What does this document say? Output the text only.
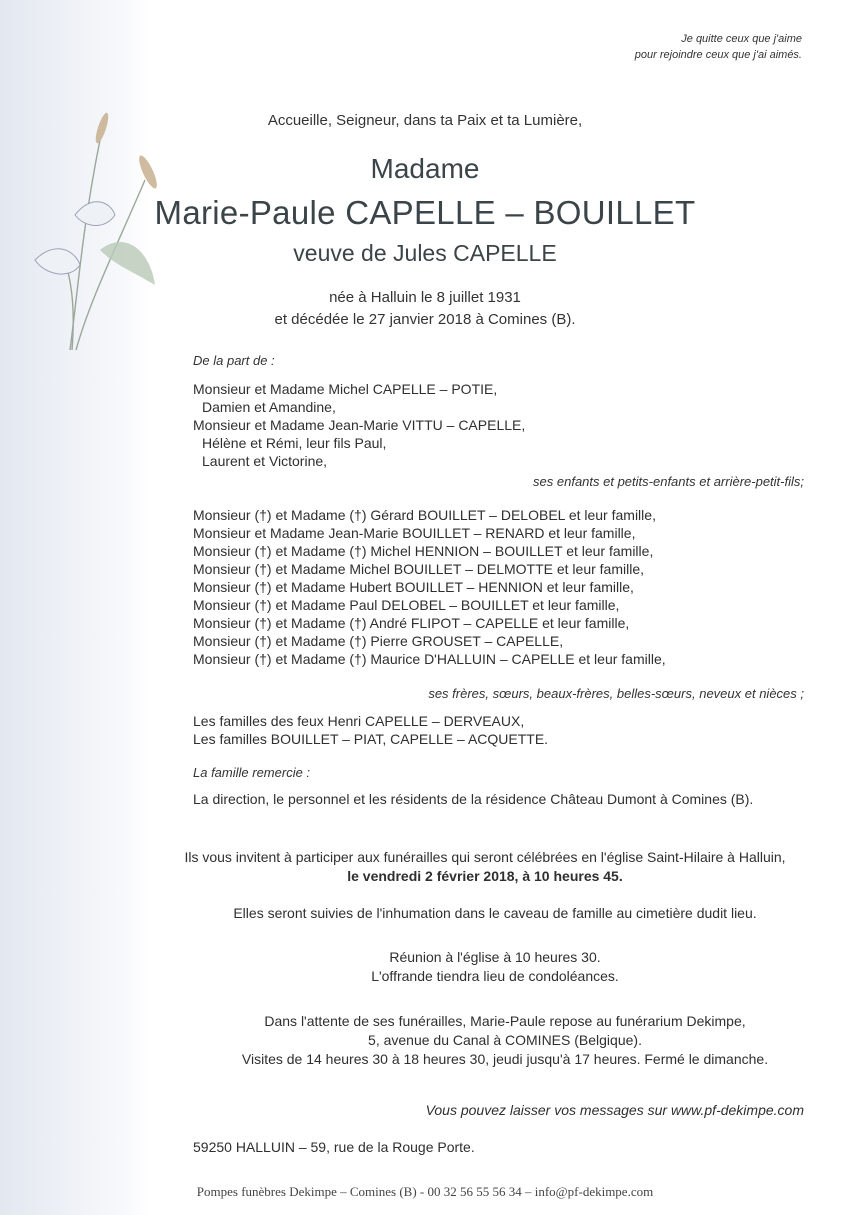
Je quitte ceux que j'aime
pour rejoindre ceux que j'ai aimés.

Accueille, Seigneur, dans ta Paix et ta Lumière,

Madame

Marie-Paule CAPELLE – BOUILLET

veuve de Jules CAPELLE

née à Halluin le 8 juillet 1931
et décédée le 27 janvier 2018 à Comines (B).

De la part de :

Monsieur et Madame Michel CAPELLE – POTIE,
Damien et Amandine,
Monsieur et Madame Jean-Marie VITTU – CAPELLE,
Hélène et Rémi, leur fils Paul,
Laurent et Victorine,

ses enfants et petits-enfants et arrière-petit-fils;

Monsieur (†) et Madame (†) Gérard BOUILLET – DELOBEL et leur famille,
Monsieur et Madame Jean-Marie BOUILLET – RENARD et leur famille,
Monsieur (†) et Madame (†) Michel HENNION – BOUILLET et leur famille,
Monsieur (†) et Madame Michel BOUILLET – DELMOTTE et leur famille,
Monsieur (†) et Madame Hubert BOUILLET – HENNION et leur famille,
Monsieur (†) et Madame Paul DELOBEL – BOUILLET et leur famille,
Monsieur (†) et Madame (†) André FLIPOT – CAPELLE et leur famille,
Monsieur (†) et Madame (†) Pierre GROUSET – CAPELLE,
Monsieur (†) et Madame (†) Maurice D'HALLUIN – CAPELLE et leur famille,

ses frères, sœurs, beaux-frères, belles-sœurs, neveux et nièces ;

Les familles des feux Henri CAPELLE – DERVEAUX,
Les familles BOUILLET – PIAT, CAPELLE – ACQUETTE.

La famille remercie :

La direction, le personnel et les résidents de la résidence Château Dumont à Comines (B).

Ils vous invitent à participer aux funérailles qui seront célébrées en l'église Saint-Hilaire à Halluin,
le vendredi 2 février 2018, à 10 heures 45.

Elles seront suivies de l'inhumation dans le caveau de famille au cimetière dudit lieu.

Réunion à l'église à 10 heures 30.
L'offrande tiendra lieu de condoléances.
Dans l'attente de ses funérailles, Marie-Paule repose au funérarium Dekimpe,
5, avenue du Canal à COMINES (Belgique).
Visites de 14 heures 30 à 18 heures 30, jeudi jusqu'à 17 heures. Fermé le dimanche.

Vous pouvez laisser vos messages sur www.pf-dekimpe.com

59250 HALLUIN – 59, rue de la Rouge Porte.

Pompes funèbres Dekimpe – Comines (B) - 00 32 56 55 56 34 – info@pf-dekimpe.com
